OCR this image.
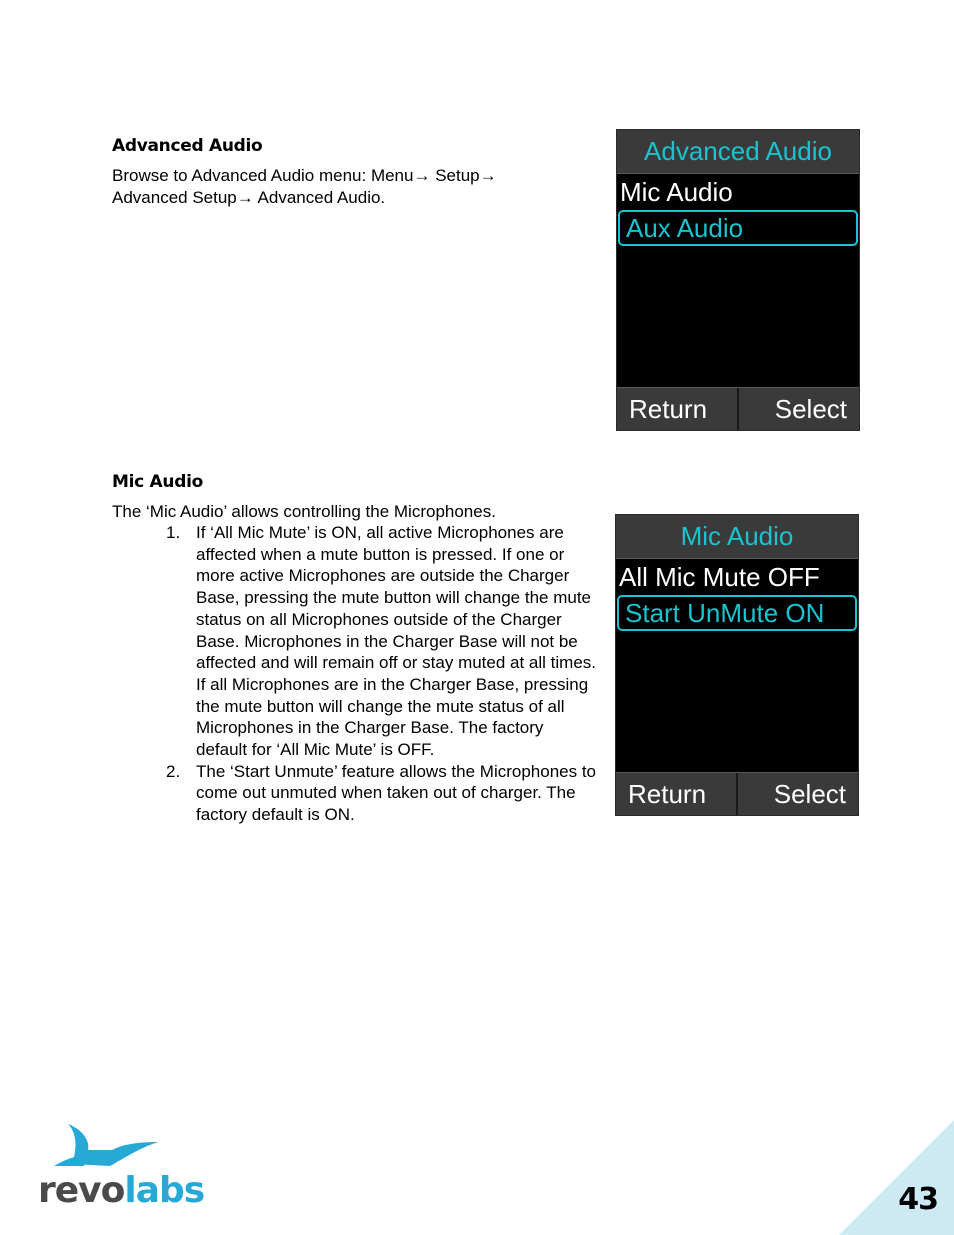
Advanced Audio
Browse to Advanced Audio menu: Menu→ Setup→
Advanced Setup→ Advanced Audio.
Advanced Audio
Mic Audio
Aux Audio
Return	Select
Mic Audio
The ‘Mic Audio’ allows controlling the Microphones.
1. If ‘All Mic Mute’ is ON, all active Microphones are affected when a mute button is pressed. If one or more active Microphones are outside the Charger Base, pressing the mute button will change the mute status on all Microphones outside of the Charger Base. Microphones in the Charger Base will not be affected and will remain off or stay muted at all times. If all Microphones are in the Charger Base, pressing the mute button will change the mute status of all Microphones in the Charger Base. The factory default for ‘All Mic Mute’ is OFF.
2. The ‘Start Unmute’ feature allows the Microphones to come out unmuted when taken out of charger. The factory default is ON.
Mic Audio
All Mic Mute OFF
Start UnMute ON
Return	Select
revolabs	43
